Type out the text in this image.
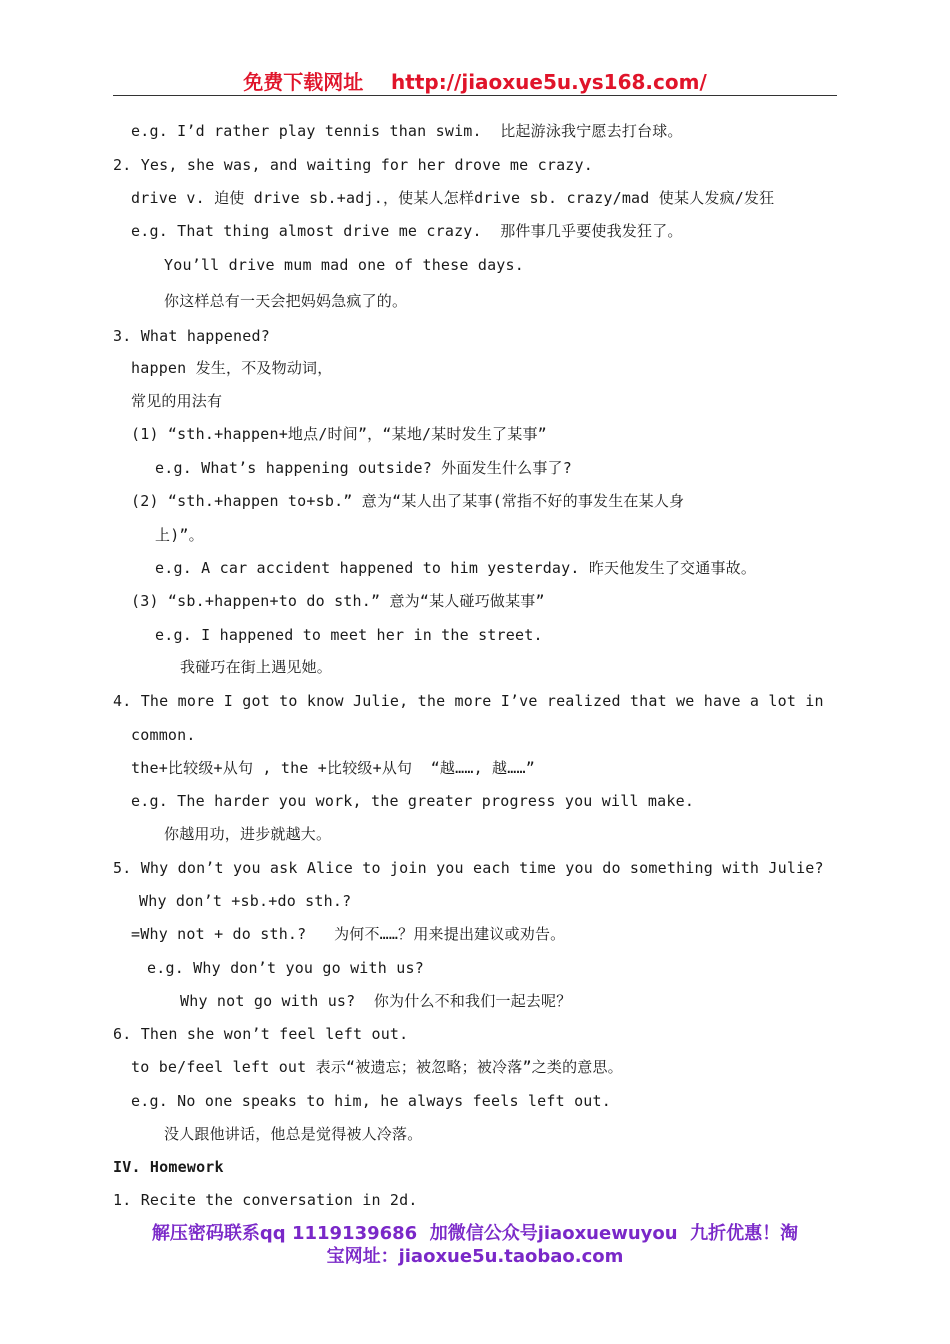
免费下载网址    http://jiaoxue5u.ys168.com/
e.g. I’d rather play tennis than swim.  比起游泳我宁愿去打台球。
2. Yes, she was, and waiting for her drove me crazy.
drive v. 迫使 drive sb.+adj.，使某人怎样drive sb. crazy/mad 使某人发疯/发狂
e.g. That thing almost drive me crazy.  那件事几乎要使我发狂了。
You’ll drive mum mad one of these days.
你这样总有一天会把妈妈急疯了的。
3. What happened?
happen 发生，不及物动词，
常见的用法有
(1) “sth.+happen+地点/时间”，“某地/某时发生了某事”
e.g. What’s happening outside? 外面发生什么事了?
(2) “sth.+happen to+sb.” 意为“某人出了某事(常指不好的事发生在某人身
上)”。
e.g. A car accident happened to him yesterday. 昨天他发生了交通事故。
(3) “sb.+happen+to do sth.” 意为“某人碰巧做某事”
e.g. I happened to meet her in the street.
我碰巧在街上遇见她。
4. The more I got to know Julie, the more I’ve realized that we have a lot in
common.
the+比较级+从句 , the +比较级+从句  “越……, 越……”
e.g. The harder you work, the greater progress you will make.
你越用功，进步就越大。
5. Why don’t you ask Alice to join you each time you do something with Julie?
Why don’t +sb.+do sth.?
=Why not + do sth.?   为何不……？用来提出建议或劝告。
e.g. Why don’t you go with us?
Why not go with us?  你为什么不和我们一起去呢？
6. Then she won’t feel left out.
to be/feel left out 表示“被遗忘；被忽略；被冷落”之类的意思。
e.g. No one speaks to him, he always feels left out.
没人跟他讲话，他总是觉得被人冷落。
IV. Homework
1. Recite the conversation in 2d.
解压密码联系qq 1119139686  加微信公众号jiaoxuewuyou  九折优惠！淘
宝网址：jiaoxue5u.taobao.com
